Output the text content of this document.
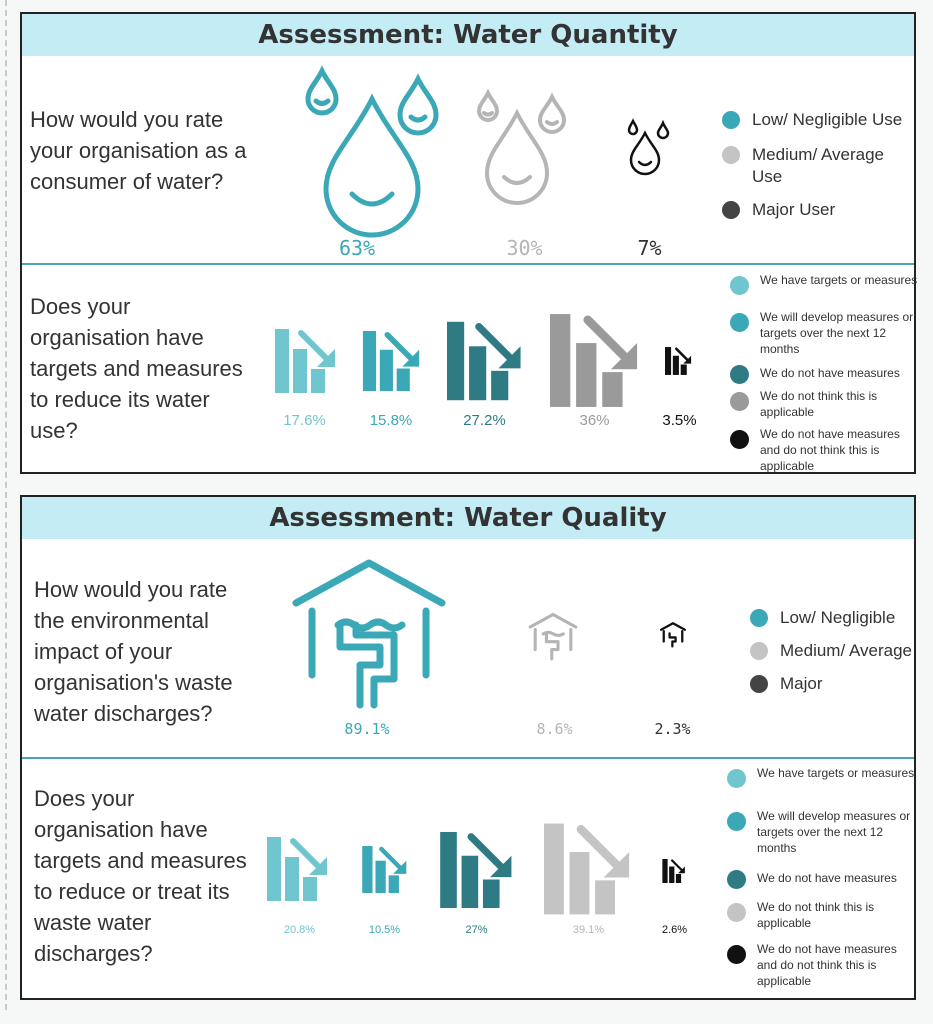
Assessment: Water Quantity
How would you rate your organisation as a consumer of water?
63%	30%	7%
Low/ Negligible Use
Medium/ Average Use
Major User
Does your organisation have targets and measures to reduce its water use?	17.6%	15.8%	27.2%	36%	3.5%
We have targets or measures
We will develop measures or targets over the next 12 months
We do not have measures
We do not think this is applicable
We do not have measures and do not think this is applicable
Assessment: Water Quality
How would you rate the environmental impact of your organisation's waste water discharges?
89.1%	8.6%	2.3%
Low/ Negligible
Medium/ Average
Major
Does your organisation have targets and measures to reduce or treat its waste water discharges?
20.8%	10.5%	27%	39.1%	2.6%
We have targets or measures
We will develop measures or targets over the next 12 months
We do not have measures
We do not think this is applicable
We do not have measures and do not think this is applicable
